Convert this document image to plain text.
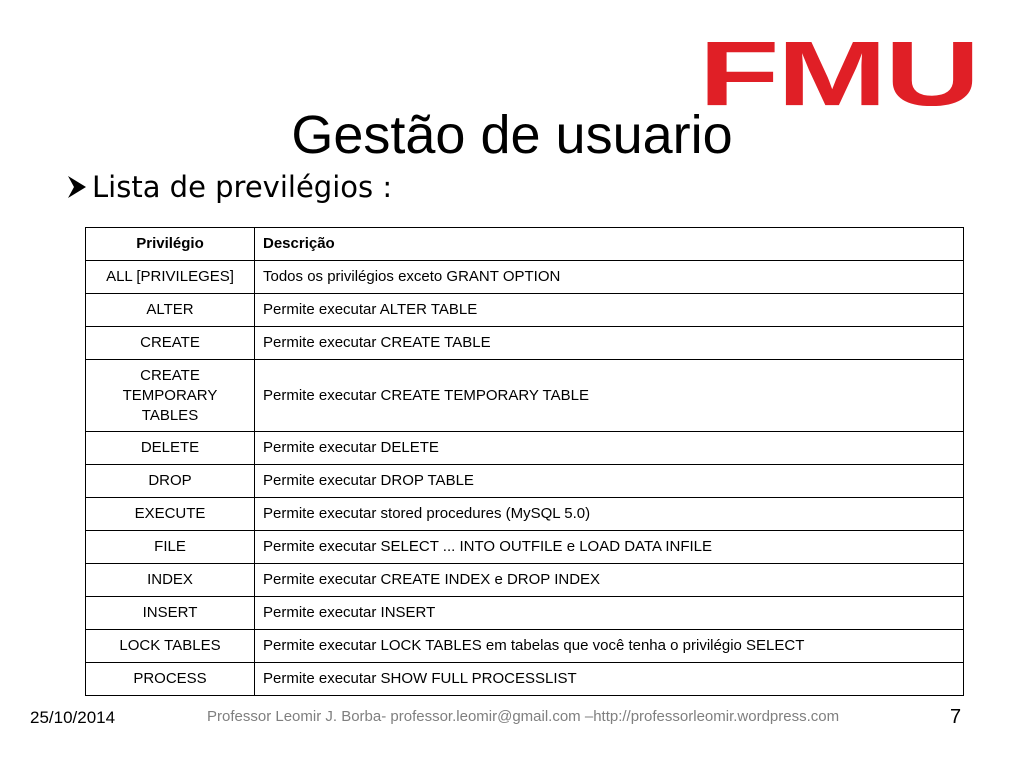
FMU
Gestão de usuario
Lista de previlégios :
Privilégio	Descrição
ALL [PRIVILEGES]	Todos os privilégios exceto GRANT OPTION
ALTER	Permite executar ALTER TABLE
CREATE	Permite executar CREATE TABLE
CREATE
TEMPORARY
TABLES	Permite executar CREATE TEMPORARY TABLE
DELETE	Permite executar DELETE
DROP	Permite executar DROP TABLE
EXECUTE	Permite executar stored procedures (MySQL 5.0)
FILE	Permite executar SELECT ... INTO OUTFILE e LOAD DATA INFILE
INDEX	Permite executar CREATE INDEX e DROP INDEX
INSERT	Permite executar INSERT
LOCK TABLES	Permite executar LOCK TABLES em tabelas que você tenha o privilégio SELECT
PROCESS	Permite executar SHOW FULL PROCESSLIST
25/10/2014	Professor Leomir J. Borba- professor.leomir@gmail.com –http://professorleomir.wordpress.com	7
